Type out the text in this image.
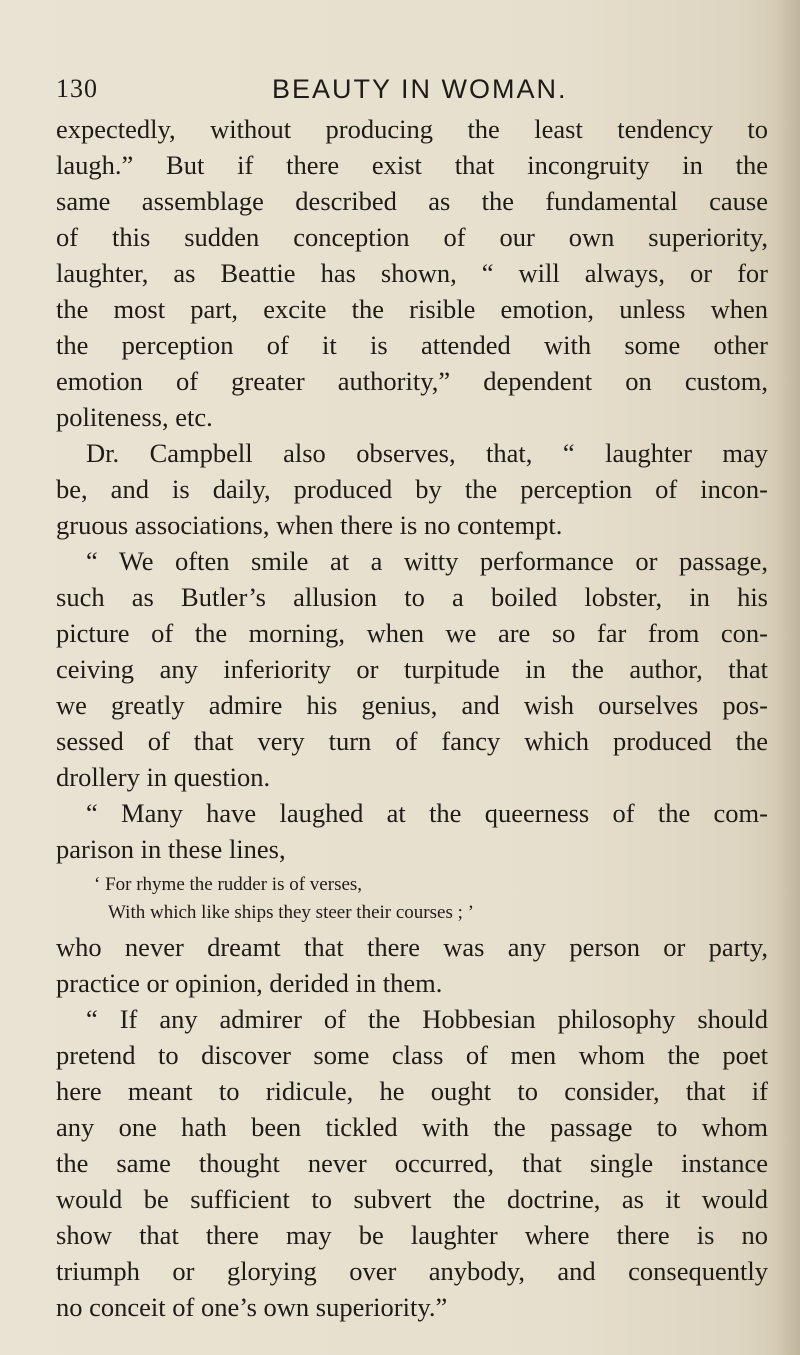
130	BEAUTY IN WOMAN.
expectedly, without producing the least tendency to
laugh.” But if there exist that incongruity in the
same assemblage described as the fundamental cause
of this sudden conception of our own superiority,
laughter, as Beattie has shown, “ will always, or for
the most part, excite the risible emotion, unless when
the perception of it is attended with some other
emotion of greater authority,” dependent on custom,
politeness, etc.
Dr. Campbell also observes, that, “ laughter may
be, and is daily, produced by the perception of incon-
gruous associations, when there is no contempt.
“ We often smile at a witty performance or passage,
such as Butler’s allusion to a boiled lobster, in his
picture of the morning, when we are so far from con-
ceiving any inferiority or turpitude in the author, that
we greatly admire his genius, and wish ourselves pos-
sessed of that very turn of fancy which produced the
drollery in question.
“ Many have laughed at the queerness of the com-
parison in these lines,
‘ For rhyme the rudder is of verses,
With which like ships they steer their courses ; ’
who never dreamt that there was any person or party,
practice or opinion, derided in them.
“ If any admirer of the Hobbesian philosophy should
pretend to discover some class of men whom the poet
here meant to ridicule, he ought to consider, that if
any one hath been tickled with the passage to whom
the same thought never occurred, that single instance
would be sufficient to subvert the doctrine, as it would
show that there may be laughter where there is no
triumph or glorying over anybody, and consequently
no conceit of one’s own superiority.”
